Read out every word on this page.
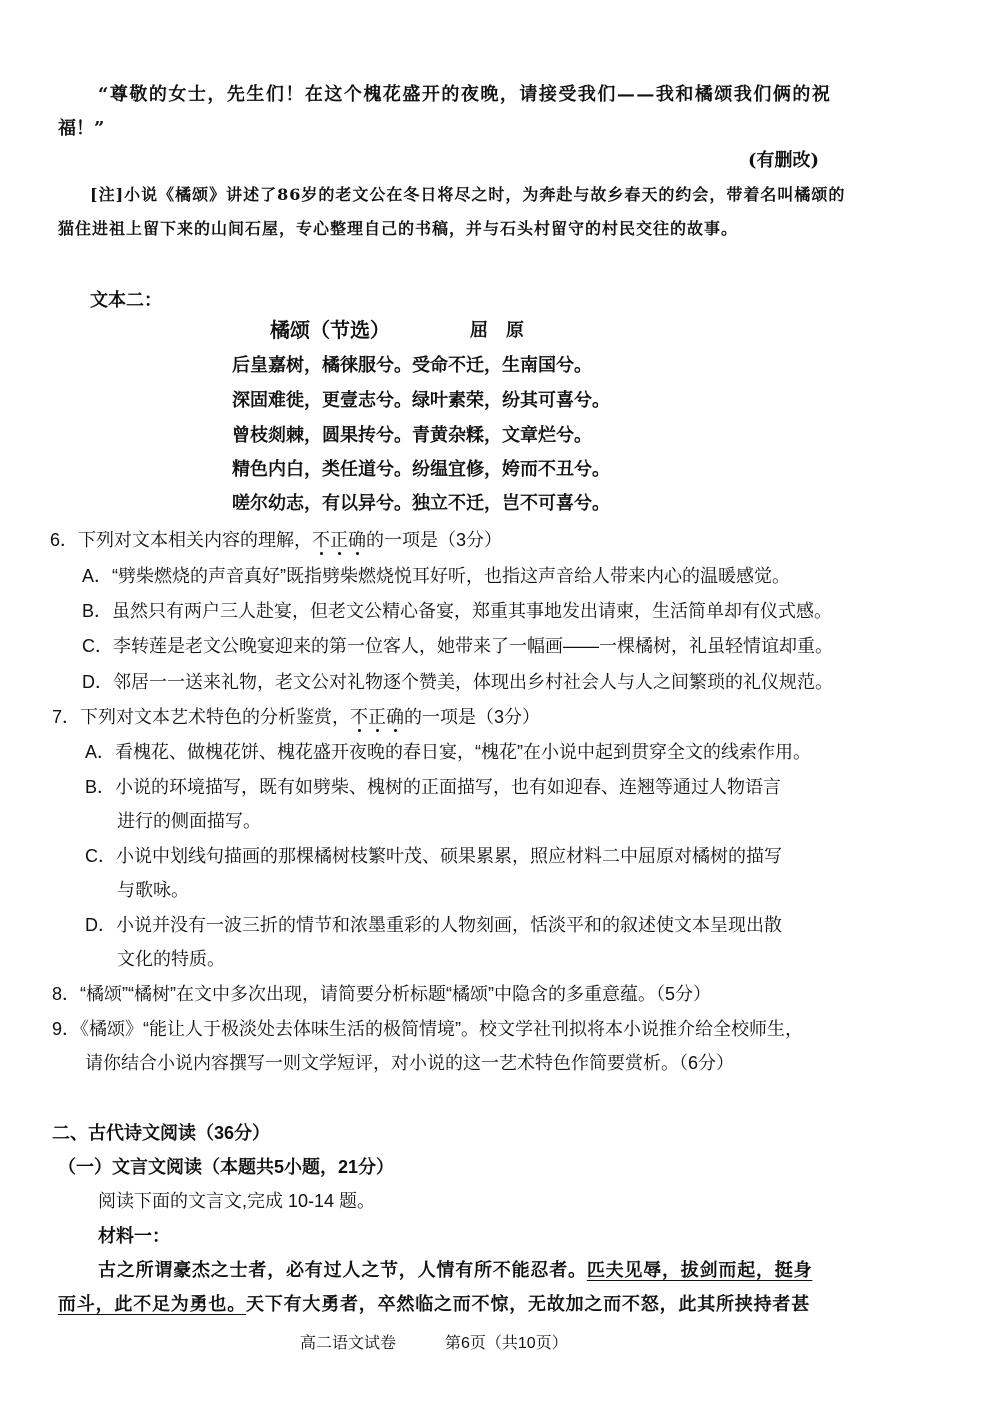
“尊敬的女士，先生们！在这个槐花盛开的夜晚，请接受我们——我和橘颂我们俩的祝
福！”
(有删改)
[注]小说《橘颂》讲述了86岁的老文公在冬日将尽之时，为奔赴与故乡春天的约会，带着名叫橘颂的
猫住进祖上留下来的山间石屋，专心整理自己的书稿，并与石头村留守的村民交往的故事。
文本二：
橘颂（节选）	屈　原
后皇嘉树，橘徕服兮。受命不迁，生南国兮。
深固难徙，更壹志兮。绿叶素荣，纷其可喜兮。
曾枝剡棘，圆果抟兮。青黄杂糅，文章烂兮。
精色内白，类任道兮。纷缊宜修，姱而不丑兮。
嗟尔幼志，有以异兮。独立不迁，岂不可喜兮。
6．下列对文本相关内容的理解，不正确的一项是（3分）
A．“劈柴燃烧的声音真好”既指劈柴燃烧悦耳好听，也指这声音给人带来内心的温暖感觉。
B．虽然只有两户三人赴宴，但老文公精心备宴，郑重其事地发出请柬，生活简单却有仪式感。
C．李转莲是老文公晚宴迎来的第一位客人，她带来了一幅画——一棵橘树，礼虽轻情谊却重。
D．邻居一一送来礼物，老文公对礼物逐个赞美，体现出乡村社会人与人之间繁琐的礼仪规范。
7．下列对文本艺术特色的分析鉴赏，不正确的一项是（3分）
A．看槐花、做槐花饼、槐花盛开夜晚的春日宴，“槐花”在小说中起到贯穿全文的线索作用。
B．小说的环境描写，既有如劈柴、槐树的正面描写，也有如迎春、连翘等通过人物语言
进行的侧面描写。
C．小说中划线句描画的那棵橘树枝繁叶茂、硕果累累，照应材料二中屈原对橘树的描写
与歌咏。
D．小说并没有一波三折的情节和浓墨重彩的人物刻画，恬淡平和的叙述使文本呈现出散
文化的特质。
8．“橘颂”“橘树”在文中多次出现，请简要分析标题“橘颂”中隐含的多重意蕴。（5分）
9．《橘颂》“能让人于极淡处去体味生活的极简情境”。校文学社刊拟将本小说推介给全校师生，
请你结合小说内容撰写一则文学短评，对小说的这一艺术特色作简要赏析。（6分）
二、古代诗文阅读（36分）
（一）文言文阅读（本题共5小题，21分）
阅读下面的文言文,完成 10-14 题。
材料一：
古之所谓豪杰之士者，必有过人之节，人情有所不能忍者。匹夫见辱，拔剑而起，挺身
而斗，此不足为勇也。天下有大勇者，卒然临之而不惊，无故加之而不怒，此其所挟持者甚
高二语文试卷	第6页（共10页）
